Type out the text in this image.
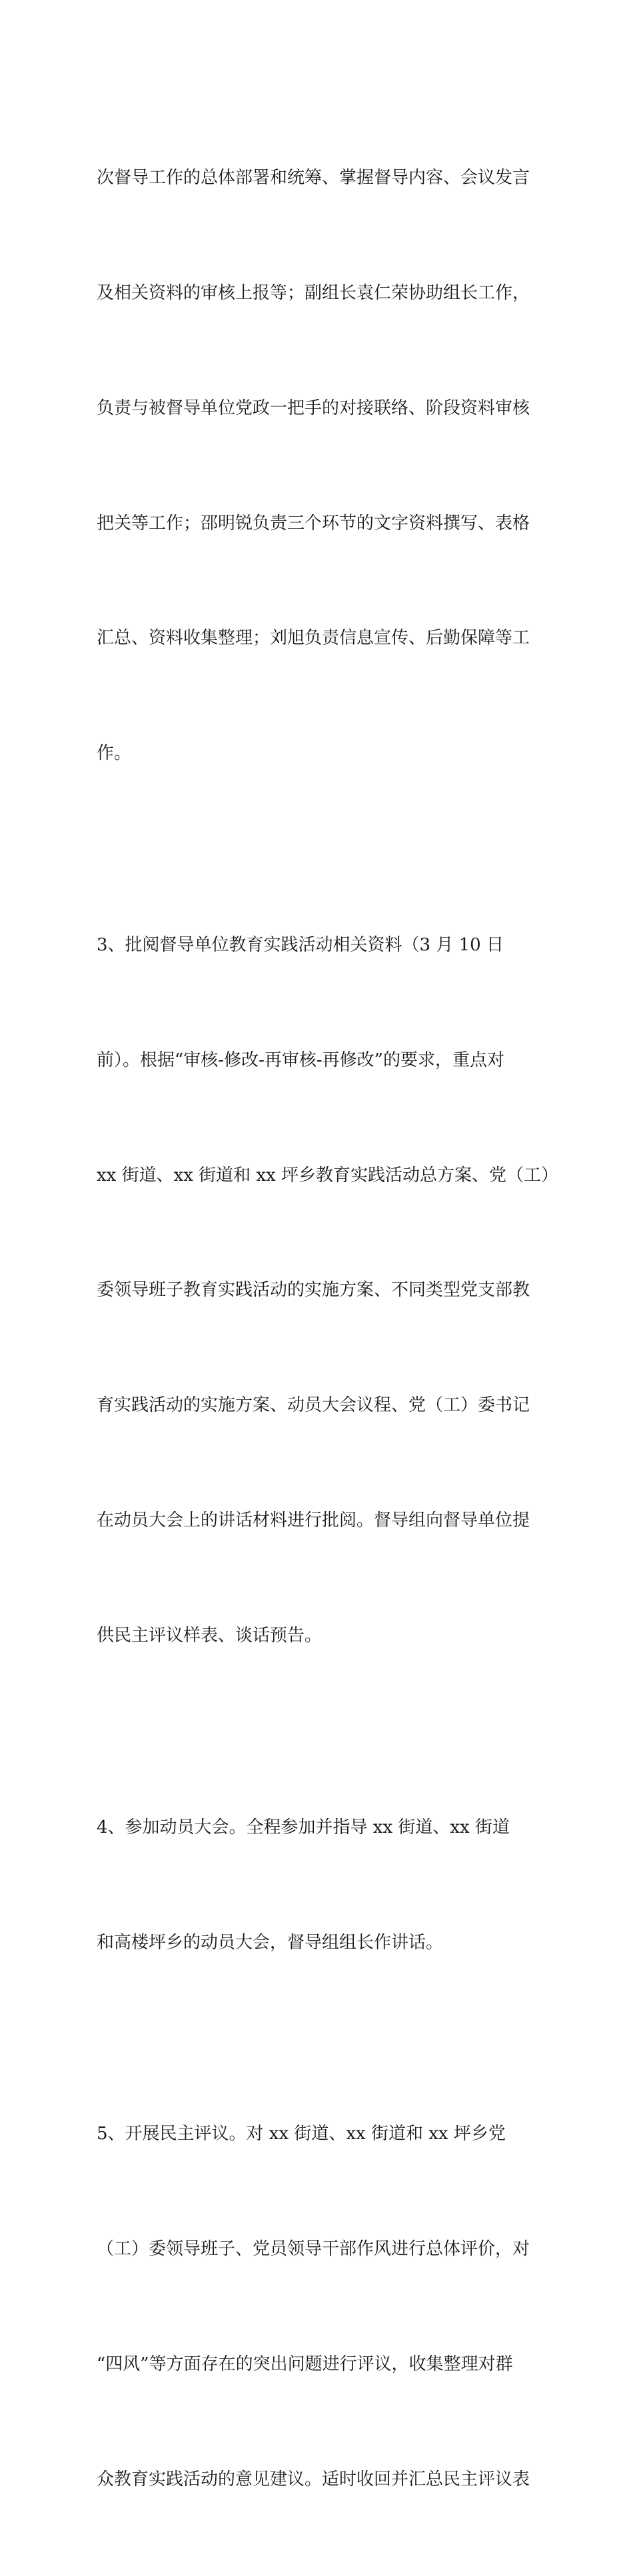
次督导工作的总体部署和统筹、掌握督导内容、会议发言

及相关资料的审核上报等；副组长袁仁荣协助组长工作，

负责与被督导单位党政一把手的对接联络、阶段资料审核

把关等工作；邵明锐负责三个环节的文字资料撰写、表格

汇总、资料收集整理；刘旭负责信息宣传、后勤保障等工

作。

3、批阅督导单位教育实践活动相关资料（3 月 10 日

前）。根据“审核-修改-再审核-再修改”的要求，重点对

xx 街道、xx 街道和 xx 坪乡教育实践活动总方案、党（工）

委领导班子教育实践活动的实施方案、不同类型党支部教

育实践活动的实施方案、动员大会议程、党（工）委书记

在动员大会上的讲话材料进行批阅。督导组向督导单位提

供民主评议样表、谈话预告。

4、参加动员大会。全程参加并指导 xx 街道、xx 街道

和高楼坪乡的动员大会，督导组组长作讲话。

5、开展民主评议。对 xx 街道、xx 街道和 xx 坪乡党

（工）委领导班子、党员领导干部作风进行总体评价，对

“四风”等方面存在的突出问题进行评议，收集整理对群

众教育实践活动的意见建议。适时收回并汇总民主评议表
